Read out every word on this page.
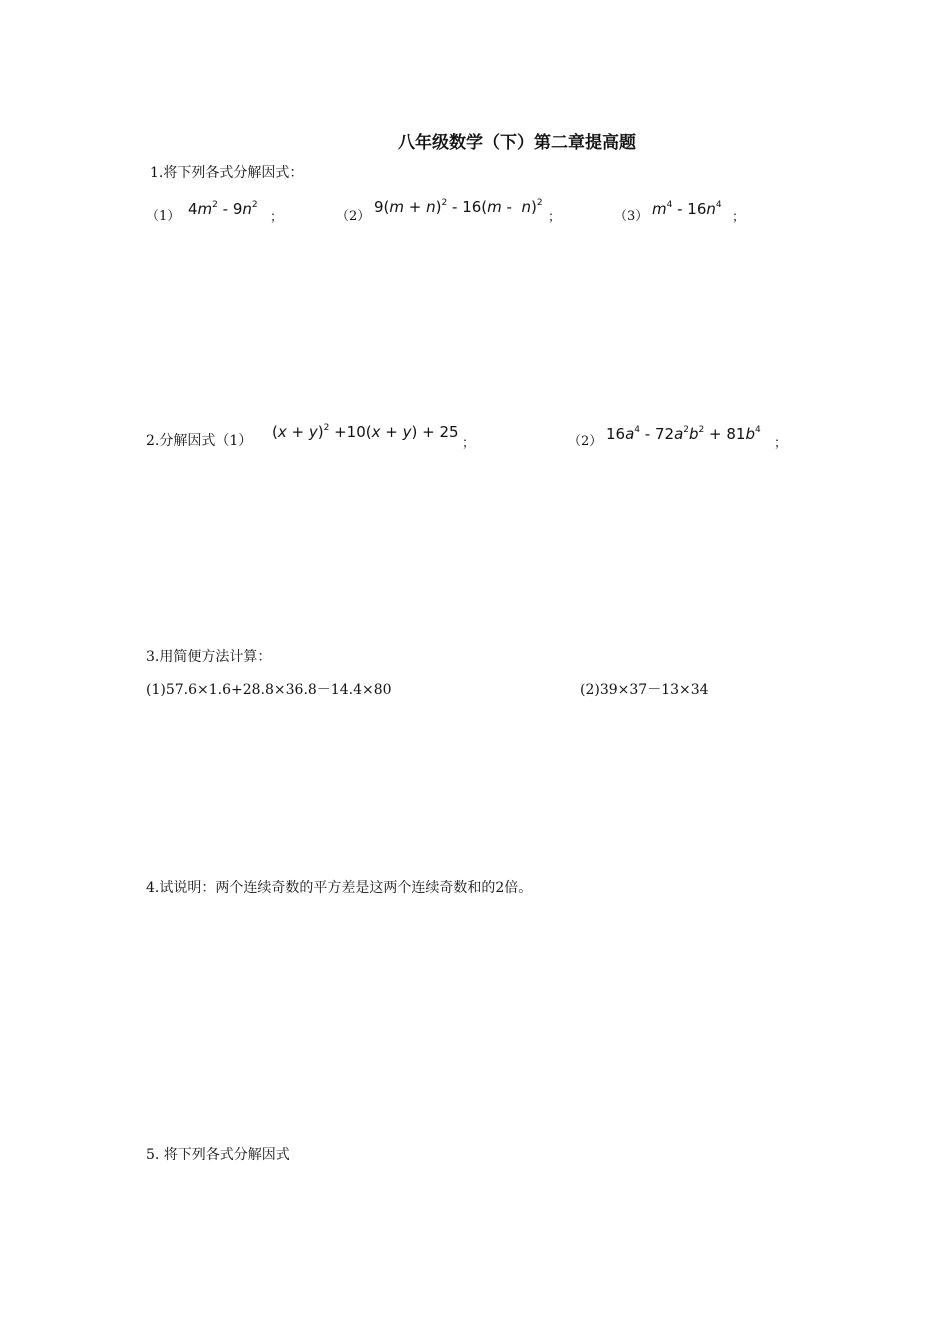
八年级数学（下）第二章提高题
1.将下列各式分解因式：
（1） $4m^2 - 9n^2$
；	（2）
$9(m + n)^2 - 16(m - n)^2$
；	（3） $m^4 - 16n^4$
；
2.分解因式（1） $(x + y)^2 +10(x + y) + 25$
；	（2） $16a^4 - 72a^2b^2 + 81b^4$
；
3.用简便方法计算：
(1)57.6×1.6+28.8×36.8－14.4×80	(2)39×37－13×34
4.试说明：两个连续奇数的平方差是这两个连续奇数和的2倍。
5. 将下列各式分解因式
